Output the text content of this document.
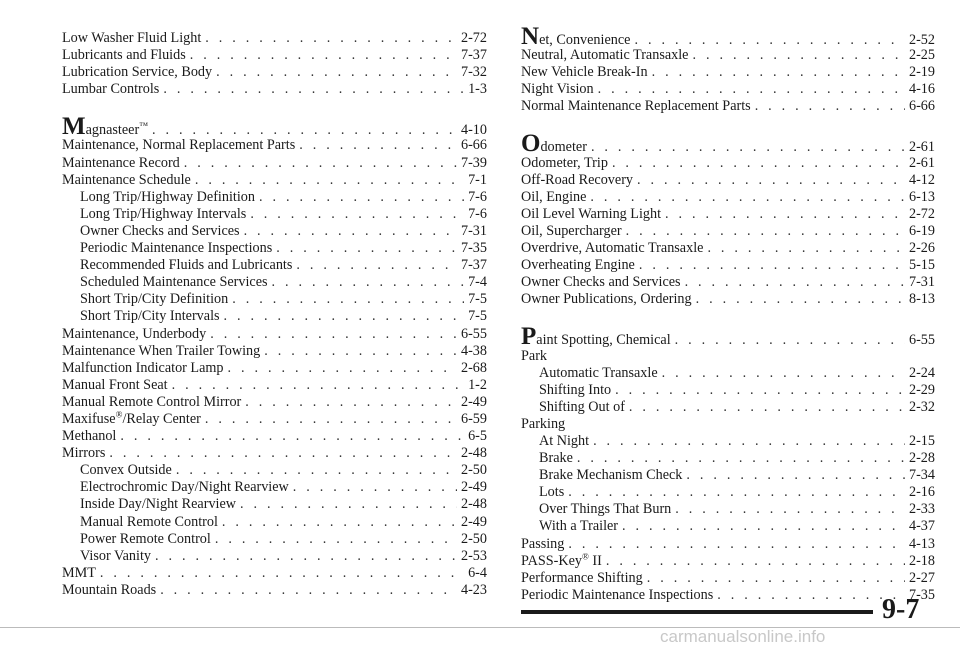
Low Washer Fluid Light . . .	2-72
Lubricants and Fluids . . .	7-37
Lubrication Service, Body . . .	7-32
Lumbar Controls . . .	1-3
Magnasteer™ . . .	4-10
Maintenance, Normal Replacement Parts . . .	6-66
Maintenance Record . . .	7-39
Maintenance Schedule . . .	7-1
Long Trip/Highway Definition . . .	7-6
Long Trip/Highway Intervals . . .	7-6
Owner Checks and Services . . .	7-31
Periodic Maintenance Inspections . . .	7-35
Recommended Fluids and Lubricants . . .	7-37
Scheduled Maintenance Services . . .	7-4
Short Trip/City Definition . . .	7-5
Short Trip/City Intervals . . .	7-5
Maintenance, Underbody . . .	6-55
Maintenance When Trailer Towing . . .	4-38
Malfunction Indicator Lamp . . .	2-68
Manual Front Seat . . .	1-2
Manual Remote Control Mirror . . .	2-49
Maxifuse®/Relay Center . . .	6-59
Methanol . . .	6-5
Mirrors . . .	2-48
Convex Outside . . .	2-50
Electrochromic Day/Night Rearview . . .	2-49
Inside Day/Night Rearview . . .	2-48
Manual Remote Control . . .	2-49
Power Remote Control . . .	2-50
Visor Vanity . . .	2-53
MMT . . .	6-4
Mountain Roads . . .	4-23
Net, Convenience . . .	2-52
Neutral, Automatic Transaxle . . .	2-25
New Vehicle Break-In . . .	2-19
Night Vision . . .	4-16
Normal Maintenance Replacement Parts . . .	6-66
Odometer . . .	2-61
Odometer, Trip . . .	2-61
Off-Road Recovery . . .	4-12
Oil, Engine . . .	6-13
Oil Level Warning Light . . .	2-72
Oil, Supercharger . . .	6-19
Overdrive, Automatic Transaxle . . .	2-26
Overheating Engine . . .	5-15
Owner Checks and Services . . .	7-31
Owner Publications, Ordering . . .	8-13
Paint Spotting, Chemical . . .	6-55
Park
Automatic Transaxle . . .	2-24
Shifting Into . . .	2-29
Shifting Out of . . .	2-32
Parking
At Night . . .	2-15
Brake . . .	2-28
Brake Mechanism Check . . .	7-34
Lots . . .	2-16
Over Things That Burn . . .	2-33
With a Trailer . . .	4-37
Passing . . .	4-13
PASS-Key® II . . .	2-18
Performance Shifting . . .	2-27
Periodic Maintenance Inspections . . .	7-35
9-7
carmanualsonline.info
